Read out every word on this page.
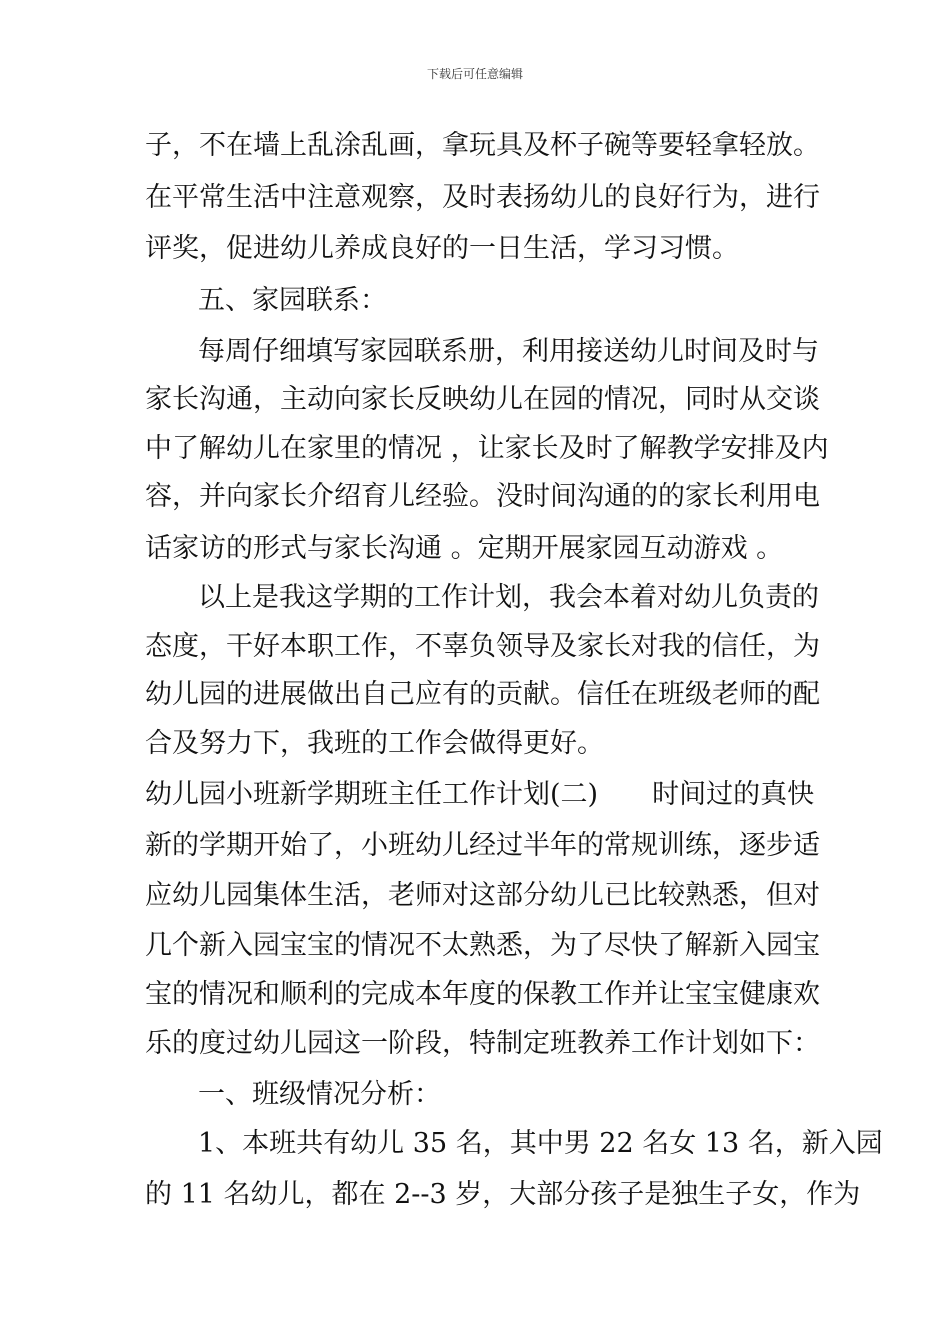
下载后可任意编辑
子，不在墙上乱涂乱画，拿玩具及杯子碗等要轻拿轻放。
在平常生活中注意观察，及时表扬幼儿的良好行为，进行
评奖，促进幼儿养成良好的一日生活，学习习惯。
五、家园联系：
每周仔细填写家园联系册，利用接送幼儿时间及时与
家长沟通，主动向家长反映幼儿在园的情况，同时从交谈
中了解幼儿在家里的情况 ，让家长及时了解教学安排及内
容，并向家长介绍育儿经验。没时间沟通的的家长利用电
话家访的形式与家长沟通 。定期开展家园互动游戏 。
以上是我这学期的工作计划，我会本着对幼儿负责的
态度，干好本职工作，不辜负领导及家长对我的信任，为
幼儿园的进展做出自己应有的贡献。信任在班级老师的配
合及努力下，我班的工作会做得更好。
幼儿园小班新学期班主任工作计划(二)　　时间过的真快
新的学期开始了，小班幼儿经过半年的常规训练，逐步适
应幼儿园集体生活，老师对这部分幼儿已比较熟悉，但对
几个新入园宝宝的情况不太熟悉，为了尽快了解新入园宝
宝的情况和顺利的完成本年度的保教工作并让宝宝健康欢
乐的度过幼儿园这一阶段，特制定班教养工作计划如下：
一、班级情况分析：
1、本班共有幼儿 35 名，其中男 22 名女 13 名，新入园
的 11 名幼儿，都在 2--3 岁，大部分孩子是独生子女，作为
